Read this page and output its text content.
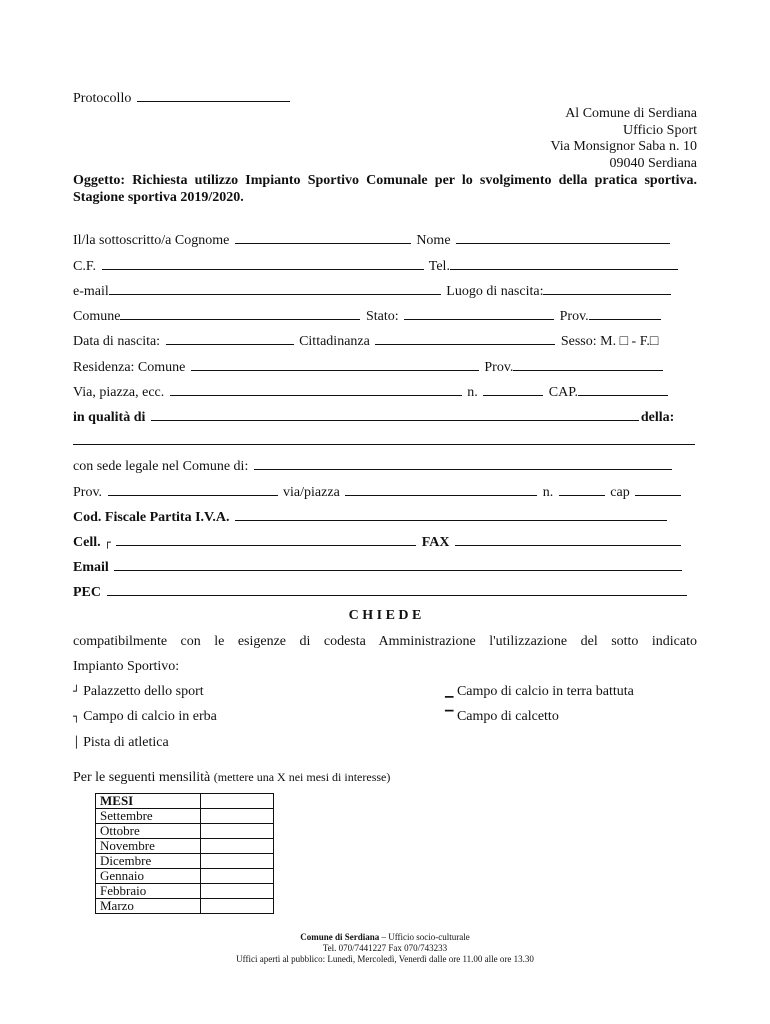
Protocollo
Al Comune di Serdiana
Ufficio Sport
Via Monsignor Saba n. 10
09040 Serdiana
Oggetto: Richiesta utilizzo Impianto Sportivo Comunale per lo svolgimento della pratica sportiva. Stagione sportiva 2019/2020.
Il/la sottoscritto/a Cognome	Nome
C.F.	Tel.
e-mail	Luogo di nascita:
Comune	Stato:	Prov.
Data di nascita:	Cittadinanza	Sesso: M. □ - F.□
Residenza: Comune	Prov.
Via, piazza, ecc.	n.	CAP.
in qualità di	della:
con sede legale nel Comune di:
Prov.	via/piazza	n.	cap
Cod. Fiscale Partita I.V.A.
Cell. ┌	FAX
Email
PEC
C H I E D E
compatibilmente con le esigenze di codesta Amministrazione l'utilizzazione del sotto indicato
Impianto Sportivo:
┘ Palazzetto dello sport	▁ Campo di calcio in terra battuta
┐ Campo di calcio in erba	▔ Campo di calcetto
│ Pista di atletica
Per le seguenti mensilità (mettere una X nei mesi di interesse)
MESI	
Settembre	
Ottobre	
Novembre	
Dicembre	
Gennaio	
Febbraio	
Marzo	
Comune di Serdiana – Ufficio socio-culturale
Tel. 070/7441227 Fax 070/743233
Uffici aperti al pubblico: Lunedì, Mercoledì, Venerdì dalle ore 11.00 alle ore 13.30
